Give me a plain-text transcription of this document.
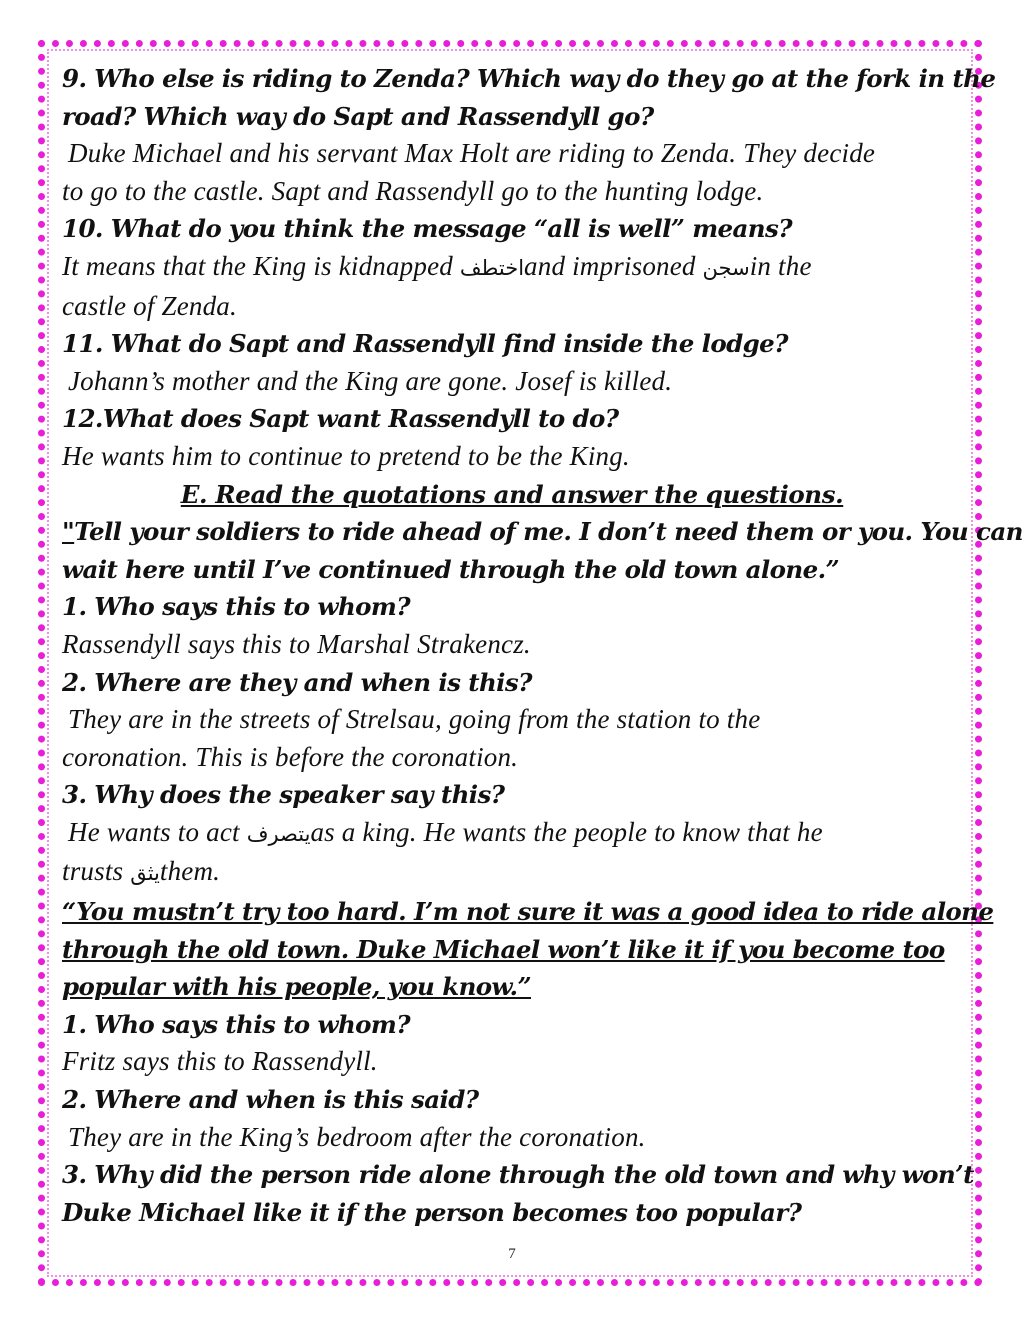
9. Who else is riding to Zenda? Which way do they go at the fork in the

road? Which way do Sapt and Rassendyll go?

Duke Michael and his servant Max Holt are riding to Zenda. They decide

to go to the castle. Sapt and Rassendyll go to the hunting lodge.

10. What do you think the message “all is well” means?

It means that the King is kidnapped اختطفand imprisoned سجنin the

castle of Zenda.

11. What do Sapt and Rassendyll find inside the lodge?

Johann’s mother and the King are gone. Josef is killed.

12.What does Sapt want Rassendyll to do?

He wants him to continue to pretend to be the King.

E. Read the quotations and answer the questions.

"Tell your soldiers to ride ahead of me. I don’t need them or you. You can

wait here until I’ve continued through the old town alone.”

1. Who says this to whom?

Rassendyll says this to Marshal Strakencz.

2. Where are they and when is this?

They are in the streets of Strelsau, going from the station to the

coronation. This is before the coronation.

3. Why does the speaker say this?

He wants to act يتصرفas a king. He wants the people to know that he

trusts يثقthem.

“You mustn’t try too hard. I’m not sure it was a good idea to ride alone

through the old town. Duke Michael won’t like it if you become too

popular with his people, you know.”

1. Who says this to whom?

Fritz says this to Rassendyll.

2. Where and when is this said?

They are in the King’s bedroom after the coronation.

3. Why did the person ride alone through the old town and why won’t

Duke Michael like it if the person becomes too popular?

7
